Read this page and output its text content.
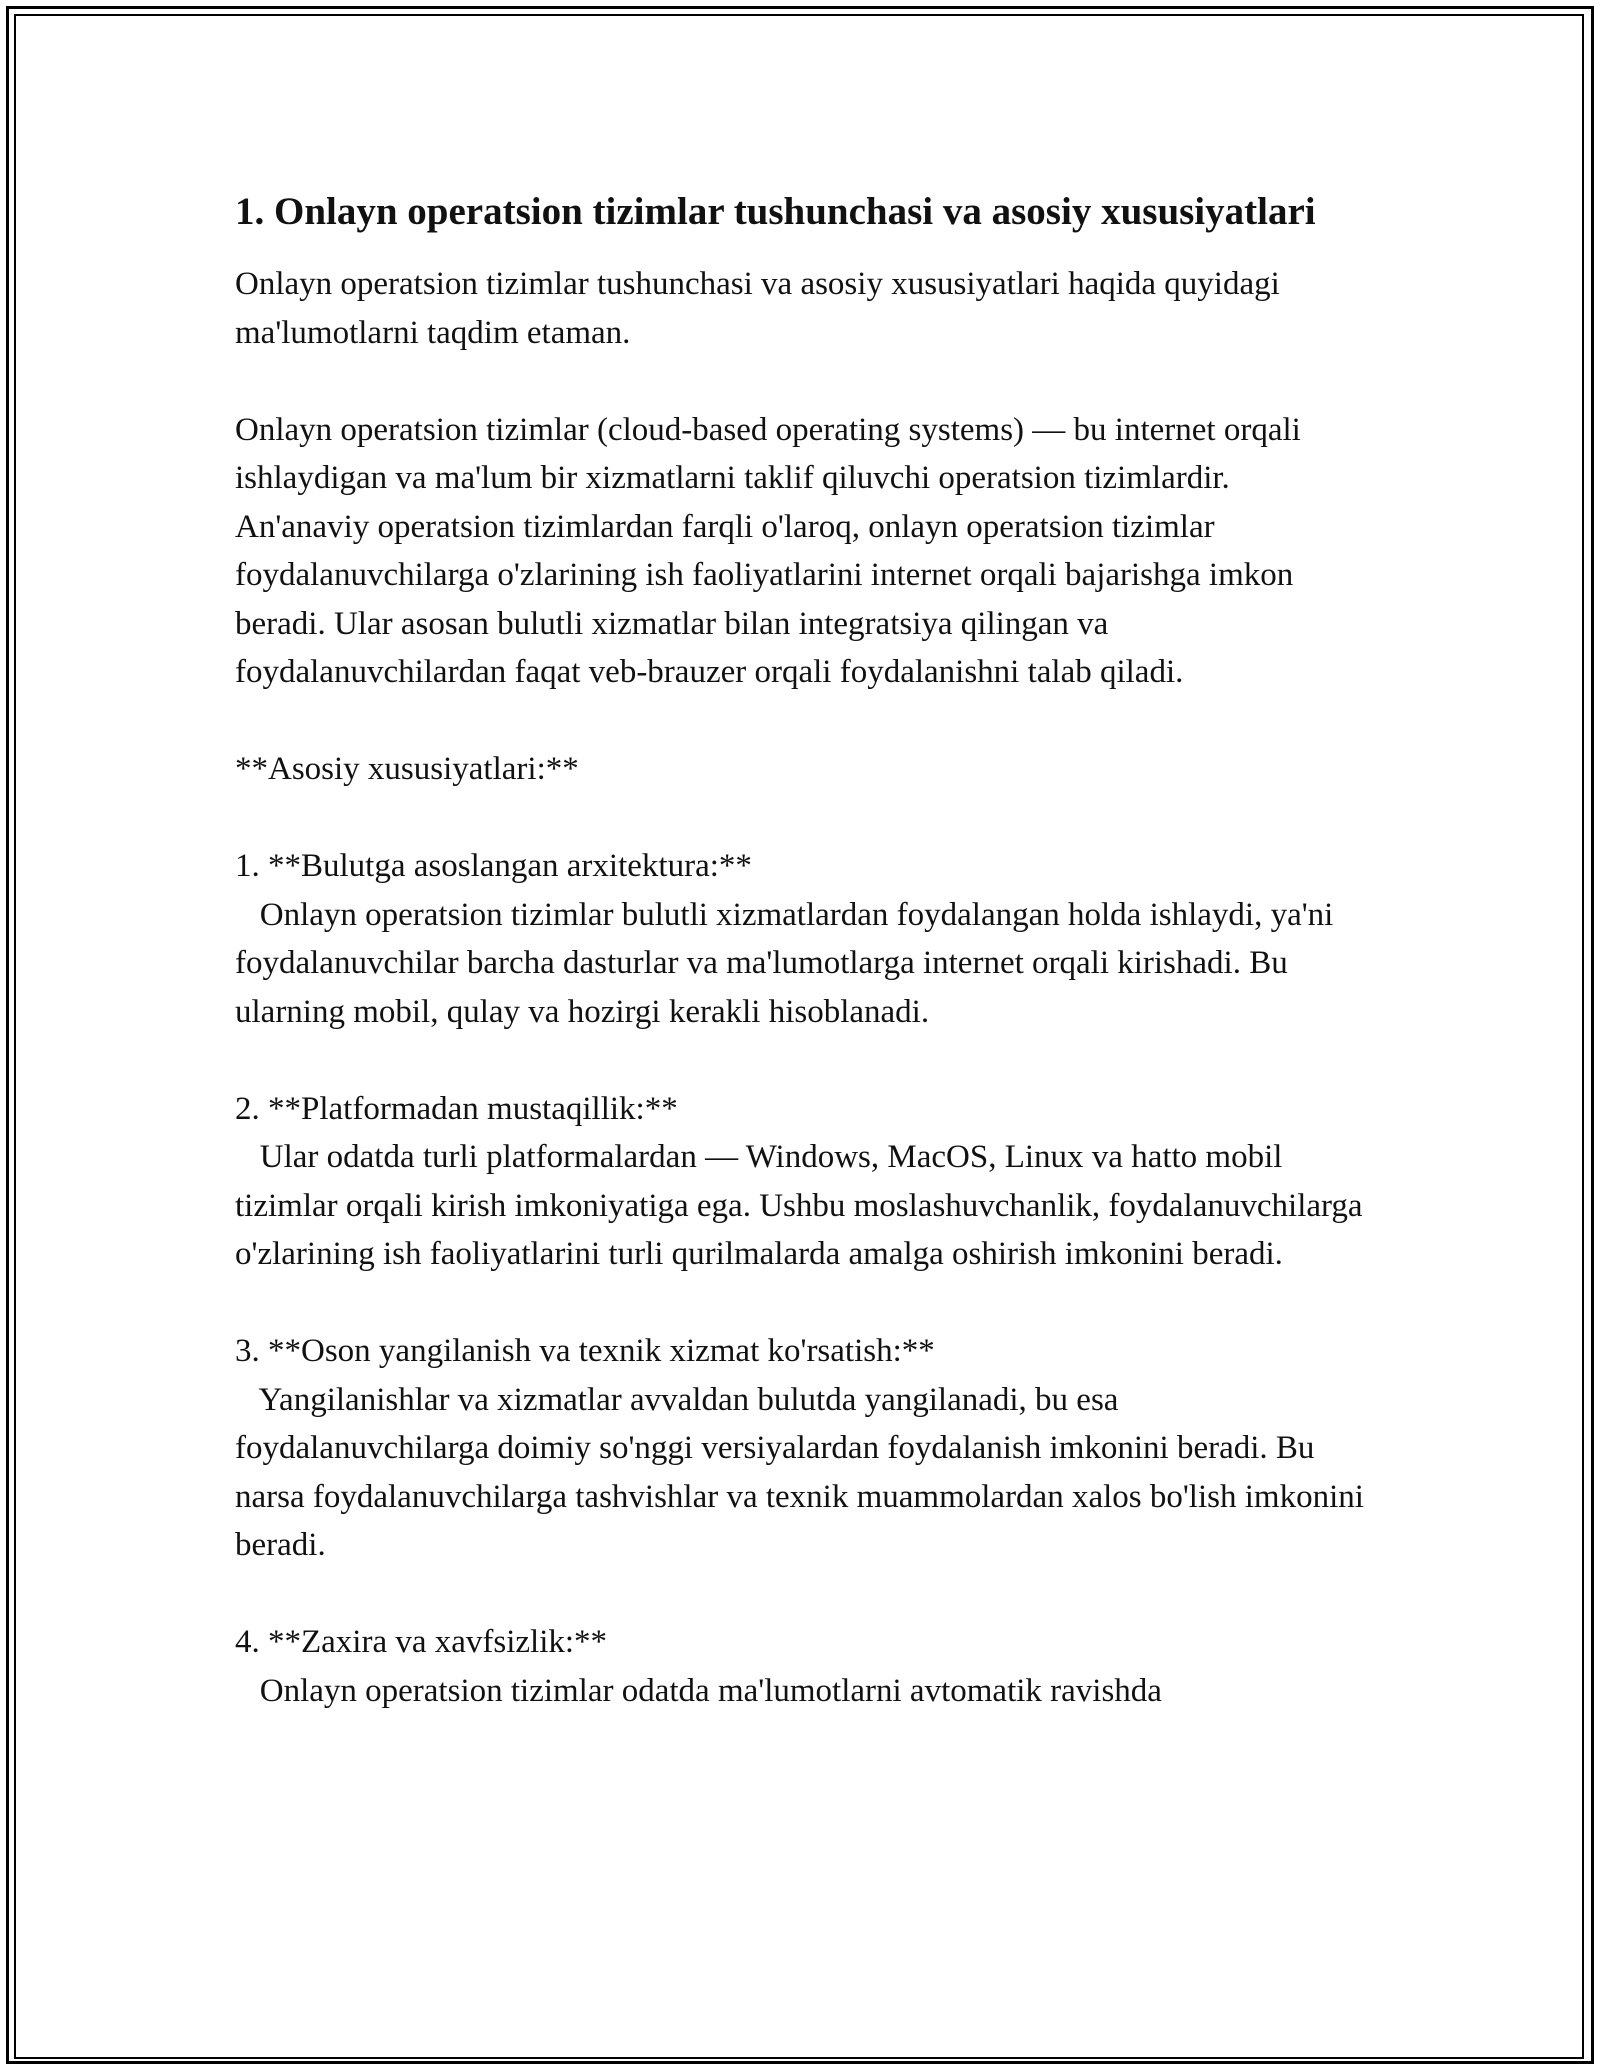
1. Onlayn operatsion tizimlar tushunchasi va asosiy xususiyatlari

Onlayn operatsion tizimlar tushunchasi va asosiy xususiyatlari haqida quyidagi ma'lumotlarni taqdim etaman.

Onlayn operatsion tizimlar (cloud-based operating systems) — bu internet orqali ishlaydigan va ma'lum bir xizmatlarni taklif qiluvchi operatsion tizimlardir. An'anaviy operatsion tizimlardan farqli o'laroq, onlayn operatsion tizimlar foydalanuvchilarga o'zlarining ish faoliyatlarini internet orqali bajarishga imkon beradi. Ular asosan bulutli xizmatlar bilan integratsiya qilingan va foydalanuvchilardan faqat veb-brauzer orqali foydalanishni talab qiladi.

**Asosiy xususiyatlari:**

1. **Bulutga asoslangan arxitektura:**

Onlayn operatsion tizimlar bulutli xizmatlardan foydalangan holda ishlaydi, ya'ni foydalanuvchilar barcha dasturlar va ma'lumotlarga internet orqali kirishadi. Bu ularning mobil, qulay va hozirgi kerakli hisoblanadi.

2. **Platformadan mustaqillik:**

Ular odatda turli platformalardan — Windows, MacOS, Linux va hatto mobil tizimlar orqali kirish imkoniyatiga ega. Ushbu moslashuvchanlik, foydalanuvchilarga o'zlarining ish faoliyatlarini turli qurilmalarda amalga oshirish imkonini beradi.

3. **Oson yangilanish va texnik xizmat ko'rsatish:**

Yangilanishlar va xizmatlar avvaldan bulutda yangilanadi, bu esa foydalanuvchilarga doimiy so'nggi versiyalardan foydalanish imkonini beradi. Bu narsa foydalanuvchilarga tashvishlar va texnik muammolardan xalos bo'lish imkonini beradi.

4. **Zaxira va xavfsizlik:**

Onlayn operatsion tizimlar odatda ma'lumotlarni avtomatik ravishda
